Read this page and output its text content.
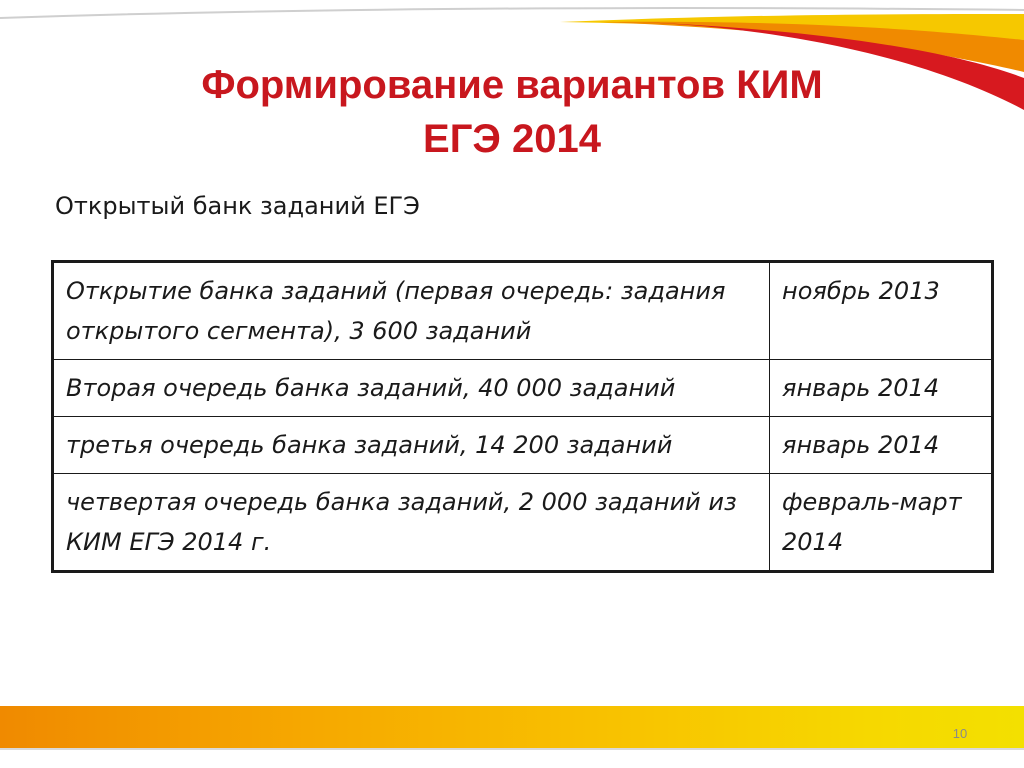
Формирование вариантов КИМ
ЕГЭ 2014
Открытый банк заданий ЕГЭ
Открытие банка заданий (первая очередь: задания открытого сегмента), 3 600 заданий	ноябрь 2013
Вторая очередь банка заданий, 40 000 заданий	январь 2014
третья очередь банка заданий, 14 200 заданий	январь 2014
четвертая очередь банка заданий, 2 000 заданий из КИМ ЕГЭ 2014 г.	февраль-март 2014
10
